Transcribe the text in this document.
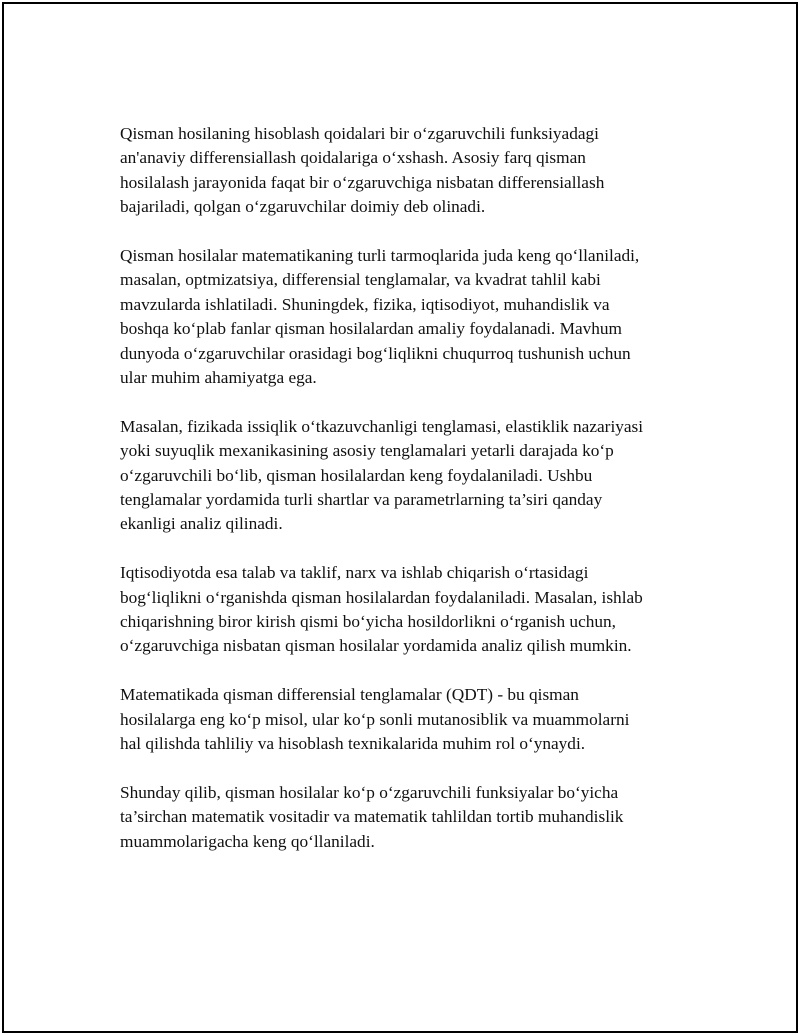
Qisman hosilaning hisoblash qoidalari bir oʻzgaruvchili funksiyadagi
an'anaviy differensiallash qoidalariga oʻxshash. Asosiy farq qisman
hosilalash jarayonida faqat bir oʻzgaruvchiga nisbatan differensiallash
bajariladi, qolgan oʻzgaruvchilar doimiy deb olinadi.

Qisman hosilalar matematikaning turli tarmoqlarida juda keng qoʻllaniladi,
masalan, optmizatsiya, differensial tenglamalar, va kvadrat tahlil kabi
mavzularda ishlatiladi. Shuningdek, fizika, iqtisodiyot, muhandislik va
boshqa koʻplab fanlar qisman hosilalardan amaliy foydalanadi. Mavhum
dunyoda oʻzgaruvchilar orasidagi bogʻliqlikni chuqurroq tushunish uchun
ular muhim ahamiyatga ega.

Masalan, fizikada issiqlik oʻtkazuvchanligi tenglamasi, elastiklik nazariyasi
yoki suyuqlik mexanikasining asosiy tenglamalari yetarli darajada koʻp
oʻzgaruvchili boʻlib, qisman hosilalardan keng foydalaniladi. Ushbu
tenglamalar yordamida turli shartlar va parametrlarning ta’siri qanday
ekanligi analiz qilinadi.

Iqtisodiyotda esa talab va taklif, narx va ishlab chiqarish oʻrtasidagi
bogʻliqlikni oʻrganishda qisman hosilalardan foydalaniladi. Masalan, ishlab
chiqarishning biror kirish qismi boʻyicha hosildorlikni oʻrganish uchun,
oʻzgaruvchiga nisbatan qisman hosilalar yordamida analiz qilish mumkin.

Matematikada qisman differensial tenglamalar (QDT) - bu qisman
hosilalarga eng koʻp misol, ular koʻp sonli mutanosiblik va muammolarni
hal qilishda tahliliy va hisoblash texnikalarida muhim rol oʻynaydi.

Shunday qilib, qisman hosilalar koʻp oʻzgaruvchili funksiyalar boʻyicha
ta’sirchan matematik vositadir va matematik tahlildan tortib muhandislik
muammolarigacha keng qoʻllaniladi.
